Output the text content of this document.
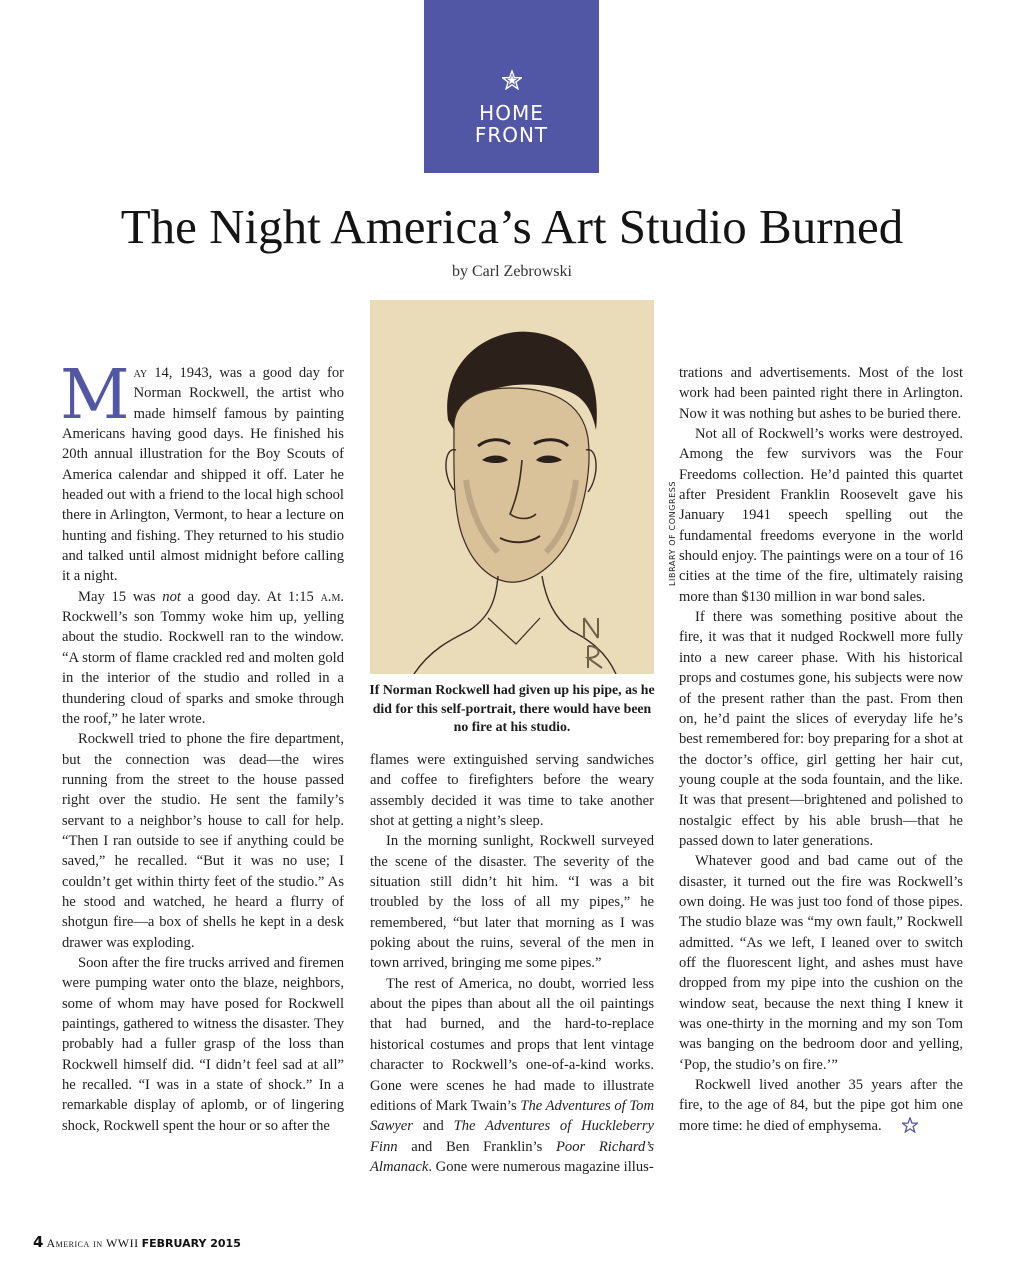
HOME
FRONT
The Night America’s Art Studio Burned
by Carl Zebrowski
LIBRARY OF CONGRESS
If Norman Rockwell had given up his pipe, as he did for this self-portrait, there would have been no fire at his studio.

May 14, 1943, was a good day for Norman Rockwell, the artist who made himself famous by painting Americans having good days. He finished his 20th annual illustration for the Boy Scouts of America calendar and shipped it off. Later he headed out with a friend to the local high school there in Arlington, Vermont, to hear a lecture on hunting and fishing. They returned to his studio and talked until almost midnight before calling it a night.

May 15 was not a good day. At 1:15 a.m. Rockwell’s son Tommy woke him up, yelling about the studio. Rockwell ran to the window. “A storm of flame crackled red and molten gold in the interior of the studio and rolled in a thundering cloud of sparks and smoke through the roof,” he later wrote.

Rockwell tried to phone the fire department, but the connection was dead—the wires running from the street to the house passed right over the studio. He sent the family’s servant to a neighbor’s house to call for help. “Then I ran outside to see if anything could be saved,” he recalled. “But it was no use; I couldn’t get within thirty feet of the studio.” As he stood and watched, he heard a flurry of shotgun fire—a box of shells he kept in a desk drawer was exploding.

Soon after the fire trucks arrived and firemen were pumping water onto the blaze, neighbors, some of whom may have posed for Rockwell paintings, gathered to witness the disaster. They probably had a fuller grasp of the loss than Rockwell himself did. “I didn’t feel sad at all” he recalled. “I was in a state of shock.” In a remarkable display of aplomb, or of lingering shock, Rockwell spent the hour or so after the

flames were extinguished serving sandwiches and coffee to firefighters before the weary assembly decided it was time to take another shot at getting a night’s sleep.

In the morning sunlight, Rockwell surveyed the scene of the disaster. The severity of the situation still didn’t hit him. “I was a bit troubled by the loss of all my pipes,” he remembered, “but later that morning as I was poking about the ruins, several of the men in town arrived, bringing me some pipes.”

The rest of America, no doubt, worried less about the pipes than about all the oil paintings that had burned, and the hard-to-replace historical costumes and props that lent vintage character to Rockwell’s one-of-a-kind works. Gone were scenes he had made to illustrate editions of Mark Twain’s The Adventures of Tom Sawyer and The Adventures of Huckleberry Finn and Ben Franklin’s Poor Richard’s Almanack. Gone were numerous magazine illus-

trations and advertisements. Most of the lost work had been painted right there in Arlington. Now it was nothing but ashes to be buried there.

Not all of Rockwell’s works were destroyed. Among the few survivors was the Four Freedoms collection. He’d painted this quartet after President Franklin Roosevelt gave his January 1941 speech spelling out the fundamental freedoms everyone in the world should enjoy. The paintings were on a tour of 16 cities at the time of the fire, ultimately raising more than $130 million in war bond sales.

If there was something positive about the fire, it was that it nudged Rockwell more fully into a new career phase. With his historical props and costumes gone, his subjects were now of the present rather than the past. From then on, he’d paint the slices of everyday life he’s best remembered for: boy preparing for a shot at the doctor’s office, girl getting her hair cut, young couple at the soda fountain, and the like. It was that present—brightened and polished to nostalgic effect by his able brush—that he passed down to later generations.

Whatever good and bad came out of the disaster, it turned out the fire was Rockwell’s own doing. He was just too fond of those pipes. The studio blaze was “my own fault,” Rockwell admitted. “As we left, I leaned over to switch off the fluorescent light, and ashes must have dropped from my pipe into the cushion on the window seat, because the next thing I knew it was one-thirty in the morning and my son Tom was banging on the bedroom door and yelling, ‘Pop, the studio’s on fire.’”

Rockwell lived another 35 years after the fire, to the age of 84, but the pipe got him one more time: he died of emphysema.

4 America in WWII FEBRUARY 2015
